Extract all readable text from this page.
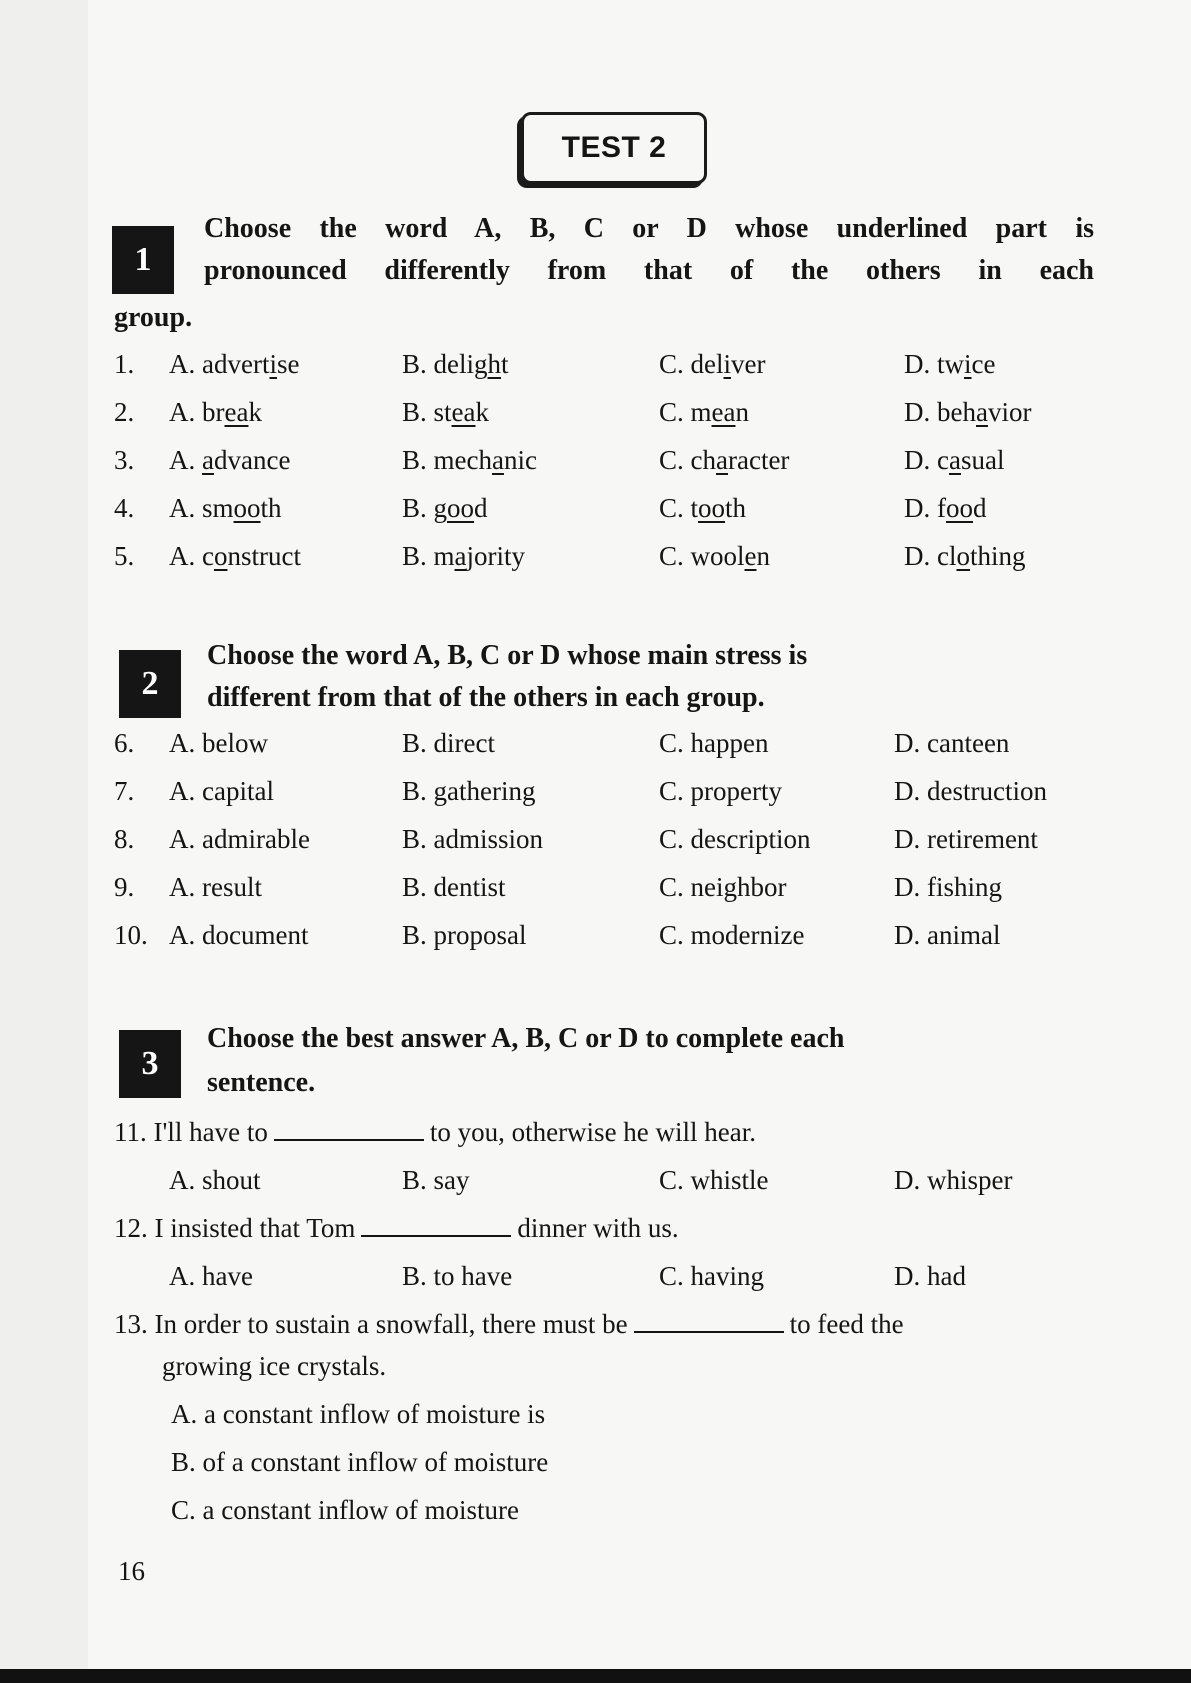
TEST 2
1
Choose the word A, B, C or D whose underlined part is
pronounced differently from that of the others in each
group.
1. A. advertise	B. delight	C. deliver	D. twice
2. A. break	B. steak	C. mean	D. behavior
3. A. advance	B. mechanic	C. character	D. casual
4. A. smooth	B. good	C. tooth	D. food
5. A. construct	B. majority	C. woolen	D. clothing
2
Choose the word A, B, C or D whose main stress is
different from that of the others in each group.
6. A. below	B. direct	C. happen	D. canteen
7. A. capital	B. gathering	C. property	D. destruction
8. A. admirable	B. admission	C. description	D. retirement
9. A. result	B. dentist	C. neighbor	D. fishing
10. A. document	B. proposal	C. modernize	D. animal
3
Choose the best answer A, B, C or D to complete each
sentence.
11. I'll have to	to you, otherwise he will hear.
A. shout	B. say	C. whistle	D. whisper
12. I insisted that Tom	dinner with us.
A. have	B. to have	C. having	D. had
13. In order to sustain a snowfall, there must be	to feed the
growing ice crystals.
A. a constant inflow of moisture is
B. of a constant inflow of moisture
C. a constant inflow of moisture
16
